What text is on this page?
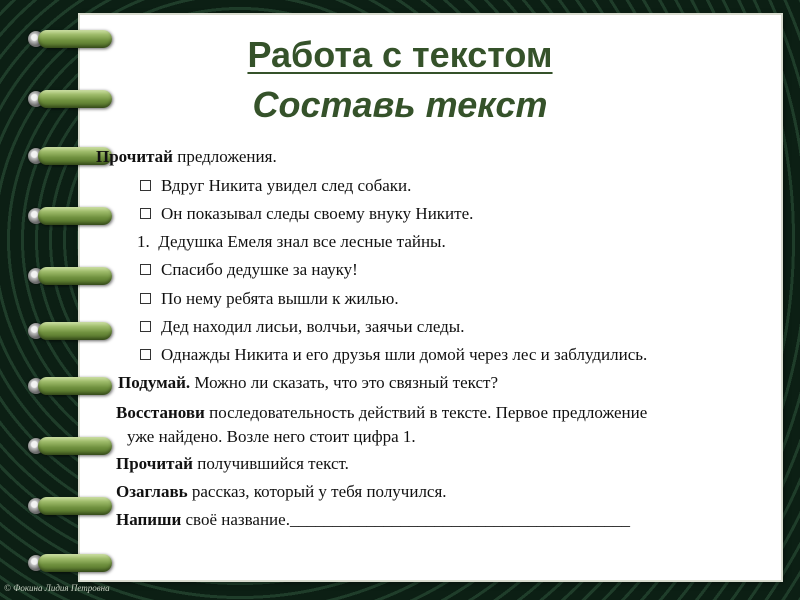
Работа с текстом
Составь текст
Прочитай предложения.
Вдруг Никита увидел след собаки.
Он показывал следы своему внуку Никите.
1. Дедушка Емеля знал все лесные тайны.
Спасибо дедушке за науку!
По нему ребята вышли к жилью.
Дед находил лисьи, волчьи, заячьи следы.
Однажды Никита и его друзья шли домой через лес и заблудились.
Подумай. Можно ли сказать, что это связный текст?
Восстанови последовательность действий в тексте. Первое предложение
уже найдено. Возле него стоит цифра 1.
Прочитай получившийся текст.
Озаглавь рассказ, который у тебя получился.
Напиши своё название.________________________________________
© Фокина Лидия Петровна
